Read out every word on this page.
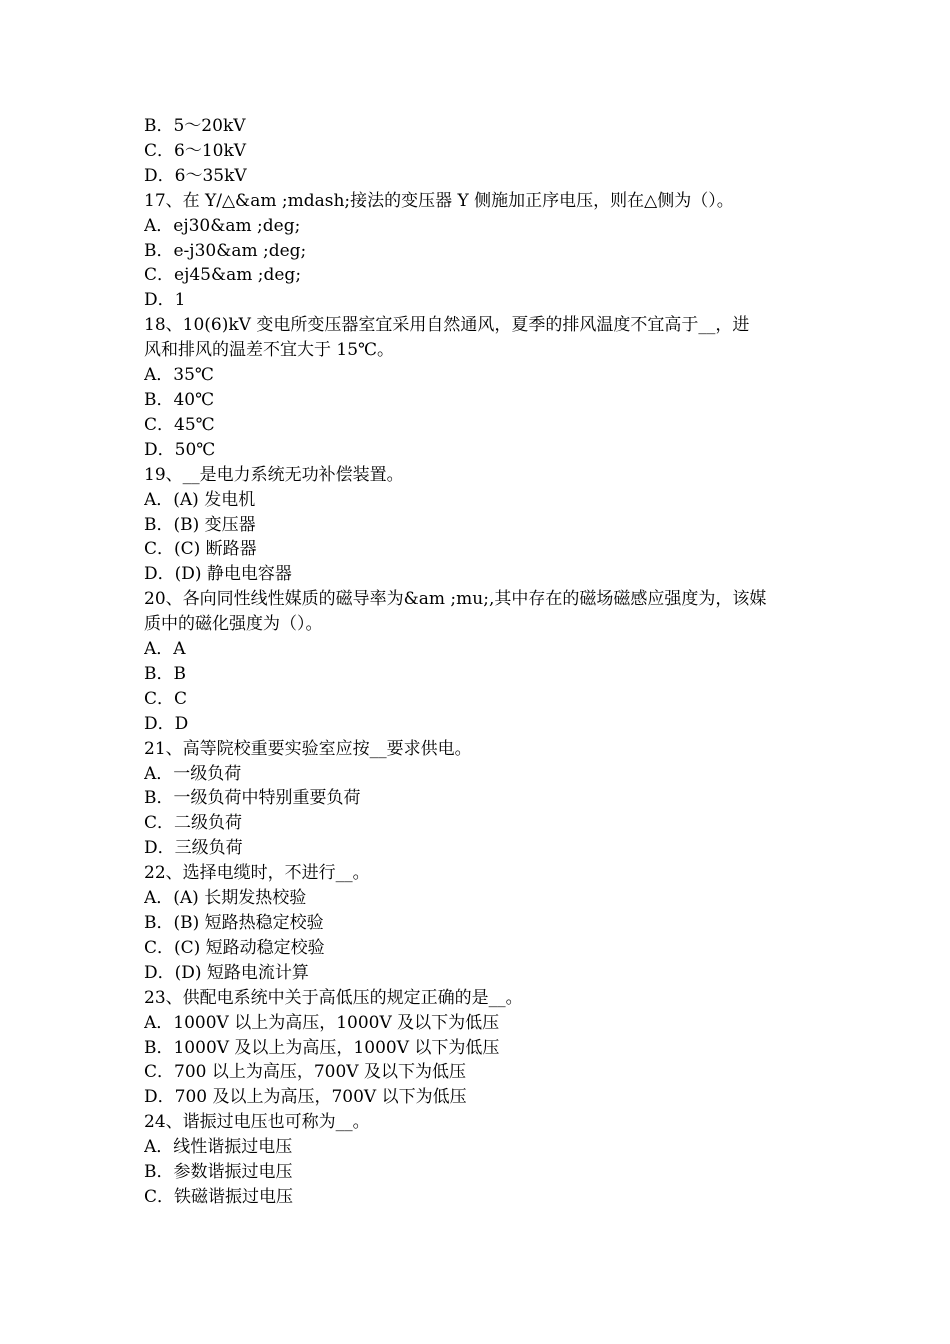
B．5～20kV
C．6～10kV
D．6～35kV
17、在 Y/△&am ;mdash;接法的变压器 Y 侧施加正序电压，则在△侧为（）。
A．ej30&am ;deg;
B．e-j30&am ;deg;
C．ej45&am ;deg;
D．1
18、10(6)kV 变电所变压器室宜采用自然通风，夏季的排风温度不宜高于__，进
风和排风的温差不宜大于 15℃。
A．35℃
B．40℃
C．45℃
D．50℃
19、__是电力系统无功补偿装置。
A．(A) 发电机
B．(B) 变压器
C．(C) 断路器
D．(D) 静电电容器
20、各向同性线性媒质的磁导率为&am ;mu;,其中存在的磁场磁感应强度为，该媒
质中的磁化强度为（）。
A．A
B．B
C．C
D．D
21、高等院校重要实验室应按__要求供电。
A．一级负荷
B．一级负荷中特别重要负荷
C．二级负荷
D．三级负荷
22、选择电缆时，不进行__。
A．(A) 长期发热校验
B．(B) 短路热稳定校验
C．(C) 短路动稳定校验
D．(D) 短路电流计算
23、供配电系统中关于高低压的规定正确的是__。
A．1000V 以上为高压，1000V 及以下为低压
B．1000V 及以上为高压，1000V 以下为低压
C．700 以上为高压，700V 及以下为低压
D．700 及以上为高压，700V 以下为低压
24、谐振过电压也可称为__。
A．线性谐振过电压
B．参数谐振过电压
C．铁磁谐振过电压
